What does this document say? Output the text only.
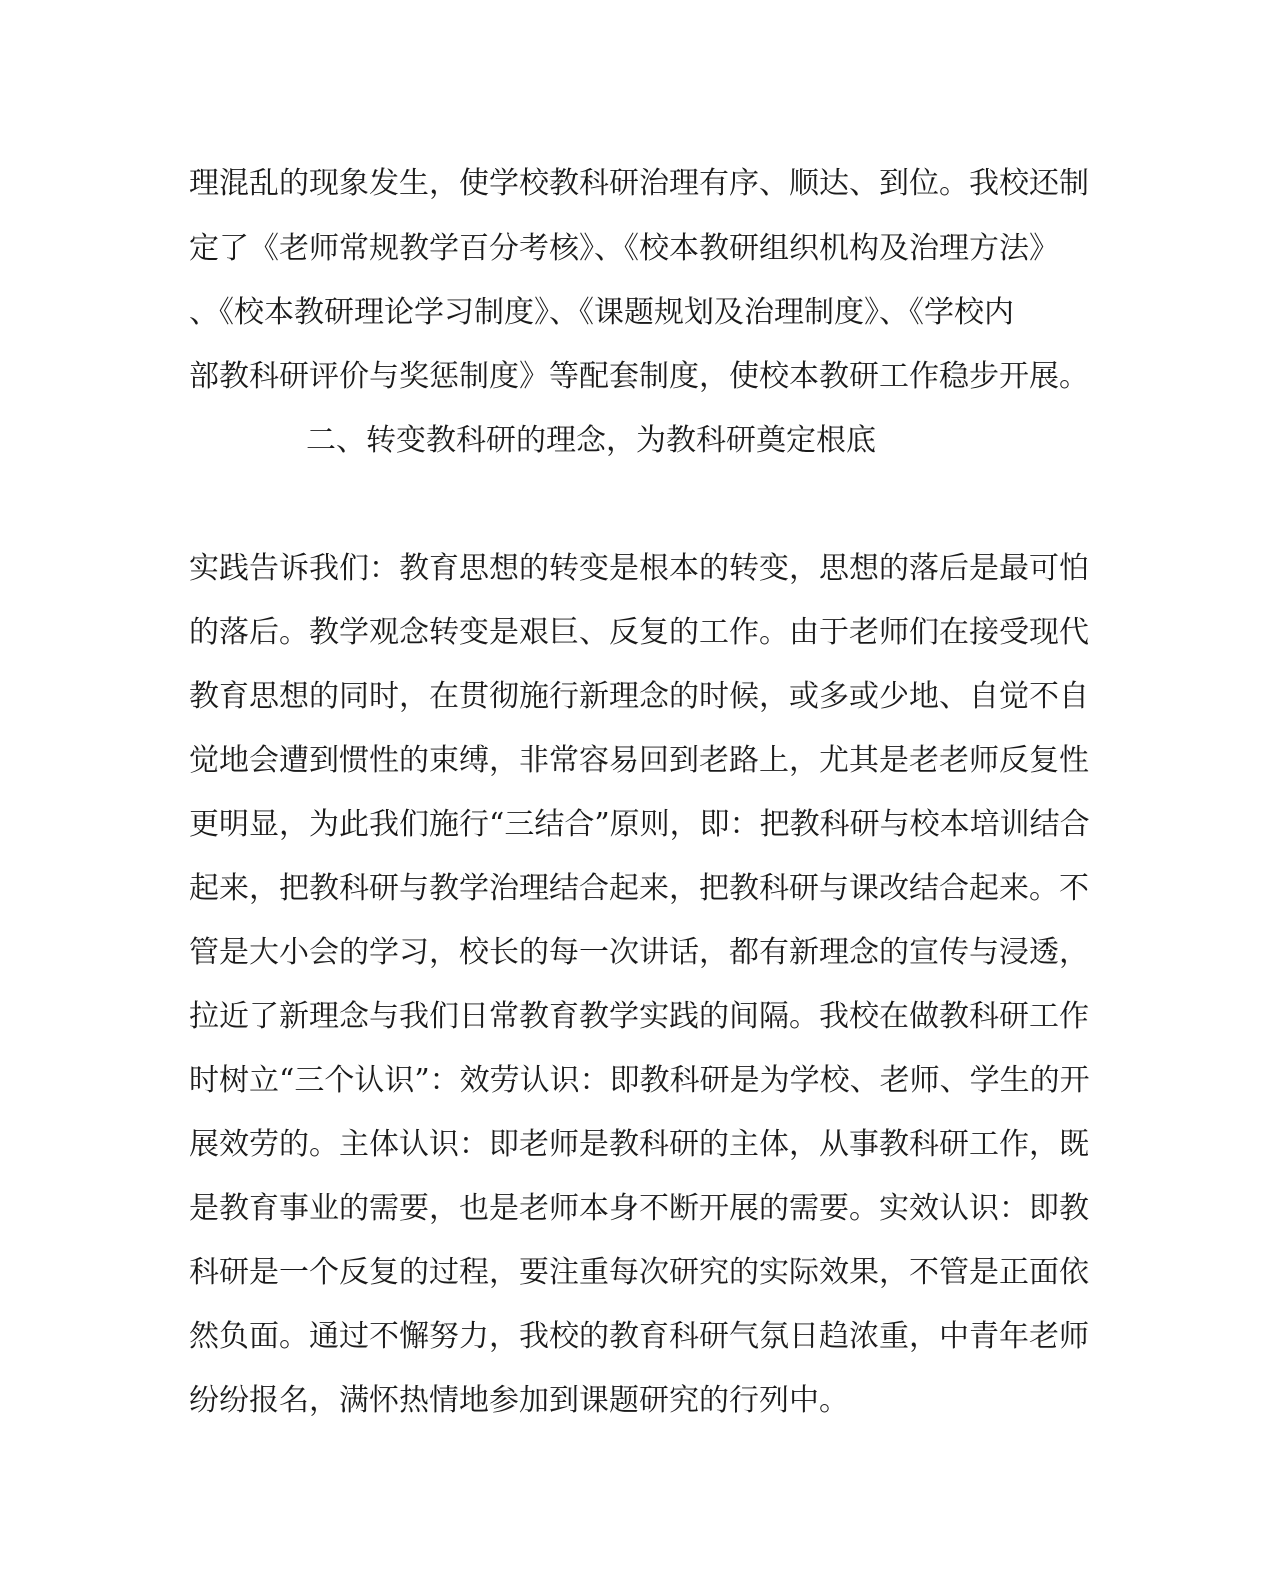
理混乱的现象发生，使学校教科研治理有序、顺达、到位。我校还制
定了《老师常规教学百分考核》、《校本教研组织机构及治理方法》
、《校本教研理论学习制度》、《课题规划及治理制度》、《学校内
部教科研评价与奖惩制度》等配套制度，使校本教研工作稳步开展。
二、转变教科研的理念，为教科研奠定根底
实践告诉我们：教育思想的转变是根本的转变，思想的落后是最可怕
的落后。教学观念转变是艰巨、反复的工作。由于老师们在接受现代
教育思想的同时，在贯彻施行新理念的时候，或多或少地、自觉不自
觉地会遭到惯性的束缚，非常容易回到老路上，尤其是老老师反复性
更明显，为此我们施行“三结合”原则，即：把教科研与校本培训结合
起来，把教科研与教学治理结合起来，把教科研与课改结合起来。不
管是大小会的学习，校长的每一次讲话，都有新理念的宣传与浸透，
拉近了新理念与我们日常教育教学实践的间隔。我校在做教科研工作
时树立“三个认识”：效劳认识：即教科研是为学校、老师、学生的开
展效劳的。主体认识：即老师是教科研的主体，从事教科研工作，既
是教育事业的需要，也是老师本身不断开展的需要。实效认识：即教
科研是一个反复的过程，要注重每次研究的实际效果，不管是正面依
然负面。通过不懈努力，我校的教育科研气氛日趋浓重，中青年老师
纷纷报名，满怀热情地参加到课题研究的行列中。
